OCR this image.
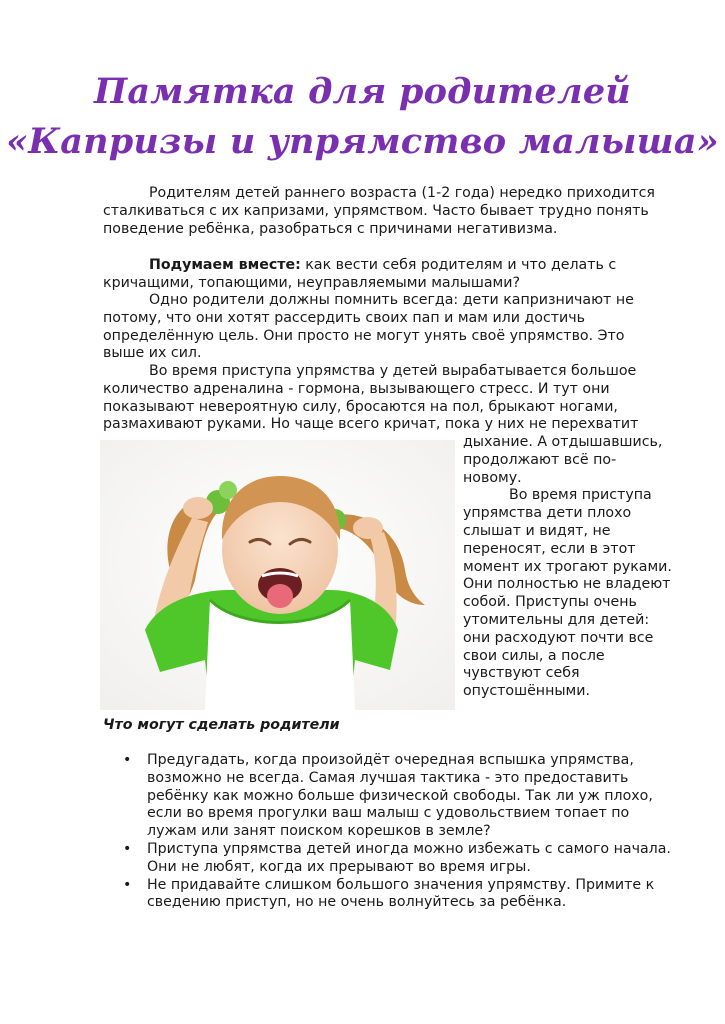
Памятка для родителей
«Капризы и упрямство малыша»

Родителям детей раннего возраста (1-2 года) нередко приходится сталкиваться с их капризами, упрямством. Часто бывает трудно понять поведение ребёнка, разобраться с причинами негативизма.

Подумаем вместе: как вести себя родителям и что делать с кричащими, топающими, неуправляемыми малышами?

Одно родители должны помнить всегда: дети капризничают не потому, что они хотят рассердить своих пап и мам или достичь определённую цель. Они просто не могут унять своё упрямство. Это выше их сил.

Во время приступа упрямства у детей вырабатывается большое количество адреналина - гормона, вызывающего стресс. И тут они показывают невероятную силу, бросаются на пол, брыкают ногами, размахивают руками. Но чаще всего кричат, пока у них не перехватит

дыхание. А отдышавшись, продолжают всё по-новому.

Во время приступа упрямства дети плохо слышат и видят, не переносят, если в этот момент их трогают руками. Они полностью не владеют собой. Приступы очень утомительны для детей: они расходуют почти все свои силы, а после чувствуют себя опустошёнными.

Что могут сделать родители

• Предугадать, когда произойдёт очередная вспышка упрямства, возможно не всегда. Самая лучшая тактика - это предоставить ребёнку как можно больше физической свободы. Так ли уж плохо, если во время прогулки ваш малыш с удовольствием топает по лужам или занят поиском корешков в земле?
• Приступа упрямства детей иногда можно избежать с самого начала. Они не любят, когда их прерывают во время игры.
• Не придавайте слишком большого значения упрямству. Примите к сведению приступ, но не очень волнуйтесь за ребёнка.
